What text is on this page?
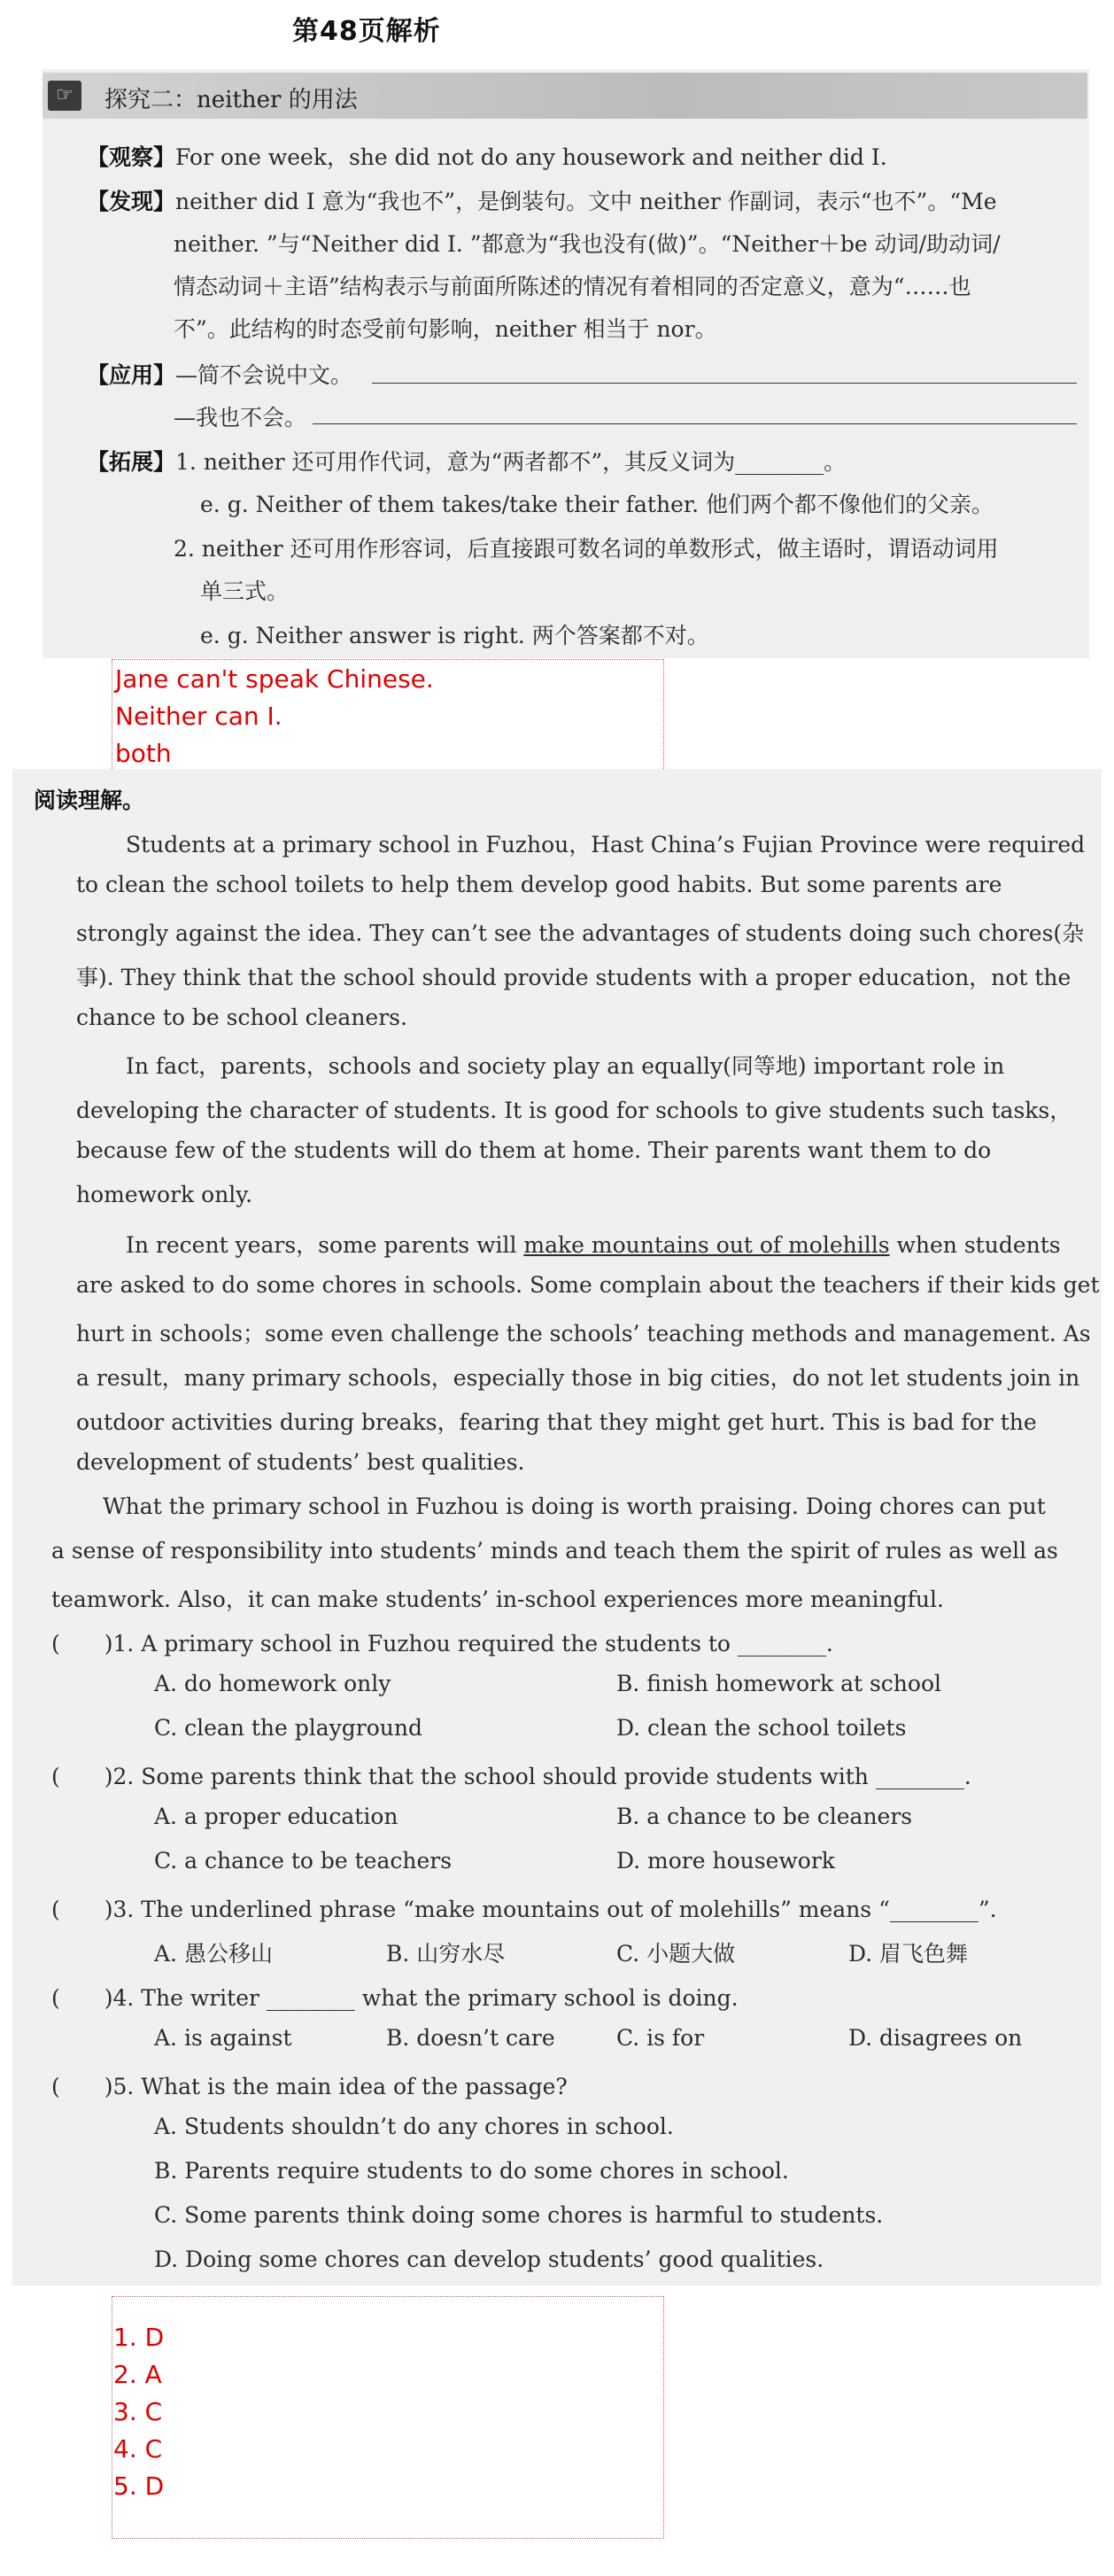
第48页解析
☞	探究二：neither 的用法
【观察】For one week，she did not do any housework and neither did I.
【发现】neither did I 意为“我也不”，是倒装句。文中 neither 作副词，表示“也不”。“Me
neither. ”与“Neither did I. ”都意为“我也没有(做)”。“Neither＋be 动词/助动词/
情态动词＋主语”结构表示与前面所陈述的情况有着相同的否定意义，意为“……也
不”。此结构的时态受前句影响，neither 相当于 nor。
【应用】—简不会说中文。
—我也不会。
【拓展】1. neither 还可用作代词，意为“两者都不”，其反义词为________。
e. g. Neither of them takes/take their father. 他们两个都不像他们的父亲。
2. neither 还可用作形容词，后直接跟可数名词的单数形式，做主语时，谓语动词用
单三式。
e. g. Neither answer is right. 两个答案都不对。
Jane can't speak Chinese.
Neither can I.
both
阅读理解。
Students at a primary school in Fuzhou，Hast China’s Fujian Province were required
to clean the school toilets to help them develop good habits. But some parents are
strongly against the idea. They can’t see the advantages of students doing such chores(杂
事). They think that the school should provide students with a proper education，not the
chance to be school cleaners.
In fact，parents，schools and society play an equally(同等地) important role in
developing the character of students. It is good for schools to give students such tasks，
because few of the students will do them at home. Their parents want them to do
homework only.
In recent years，some parents will make mountains out of molehills when students
are asked to do some chores in schools. Some complain about the teachers if their kids get
hurt in schools；some even challenge the schools’ teaching methods and management. As
a result，many primary schools，especially those in big cities，do not let students join in
outdoor activities during breaks，fearing that they might get hurt. This is bad for the
development of students’ best qualities.
What the primary school in Fuzhou is doing is worth praising. Doing chores can put
a sense of responsibility into students’ minds and teach them the spirit of rules as well as
teamwork. Also，it can make students’ in-school experiences more meaningful.
(　　)1. A primary school in Fuzhou required the students to ________.
A. do homework only	B. finish homework at school
C. clean the playground	D. clean the school toilets
(　　)2. Some parents think that the school should provide students with ________.
A. a proper education	B. a chance to be cleaners
C. a chance to be teachers	D. more housework
(　　)3. The underlined phrase “make mountains out of molehills” means “________”.
A. 愚公移山	B. 山穷水尽	C. 小题大做	D. 眉飞色舞
(　　)4. The writer ________ what the primary school is doing.
A. is against	B. doesn’t care	C. is for	D. disagrees on
(　　)5. What is the main idea of the passage?
A. Students shouldn’t do any chores in school.
B. Parents require students to do some chores in school.
C. Some parents think doing some chores is harmful to students.
D. Doing some chores can develop students’ good qualities.
1. D
2. A
3. C
4. C
5. D
